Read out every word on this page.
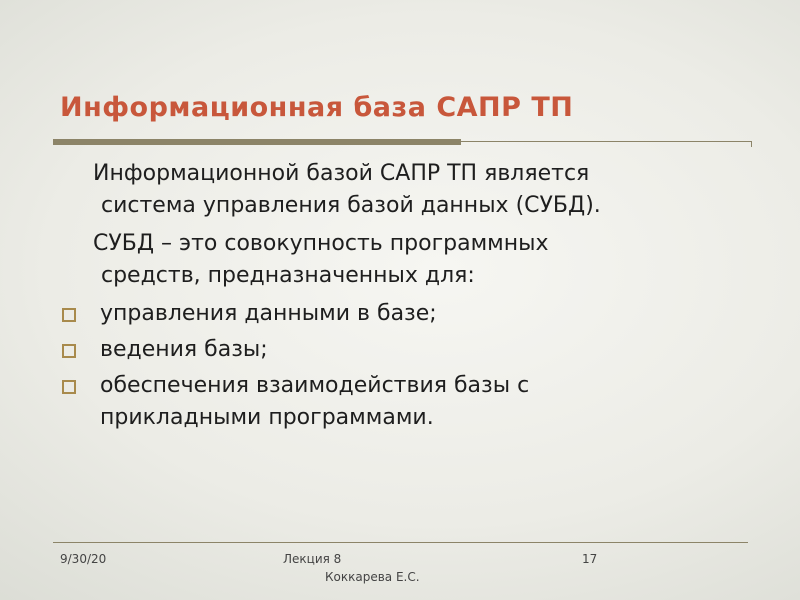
Информационная база САПР ТП
Информационной базой САПР ТП является
система управления базой данных (СУБД).
СУБД – это совокупность программных
средств, предназначенных для:
управления данными в базе;
ведения базы;
обеспечения взаимодействия базы с
прикладными программами.
9/30/20	Лекция 8
Коккарева Е.С.
17
